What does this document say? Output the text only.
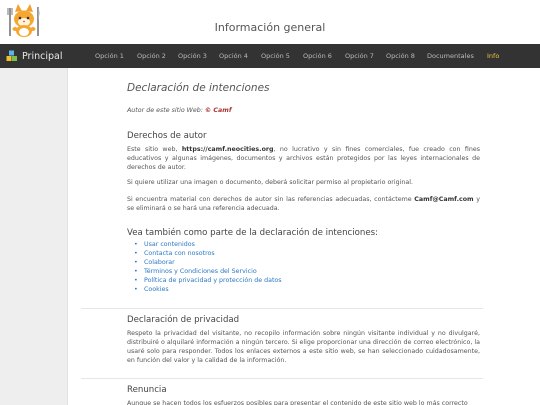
Información general
Principal	Opción 1 Opción 2 Opción 3 Opción 4 Opción 5 Opción 6 Opción 7 Opción 8 Documentales Info
Declaración de intenciones
Autor de este sitio Web: © Camf
Derechos de autor

Este sitio web, https://camf.neocities.org, no lucrativo y sin fines comerciales, fue creado con fines educativos y algunas imágenes, documentos y archivos están protegidos por las leyes internacionales de derechos de autor.

Si quiere utilizar una imagen o documento, deberá solicitar permiso al propietario original.

Si encuentra material con derechos de autor sin las referencias adecuadas, contácteme Camf@Camf.com y se eliminará o se hará una referencia adecuada.

Vea también como parte de la declaración de intenciones:
• Usar contenidos
• Contacta con nosotros
• Colaborar
• Términos y Condiciones del Servicio
• Política de privacidad y protección de datos
• Cookies
Declaración de privacidad

Respeto la privacidad del visitante, no recopilo información sobre ningún visitante individual y no divulgaré, distribuiré o alquilaré información a ningún tercero. Si elige proporcionar una dirección de correo electrónico, la usaré solo para responder. Todos los enlaces externos a este sitio web, se han seleccionado cuidadosamente, en función del valor y la calidad de la información.

Renuncia

Aunque se hacen todos los esfuerzos posibles para presentar el contenido de este sitio web lo más correcto
